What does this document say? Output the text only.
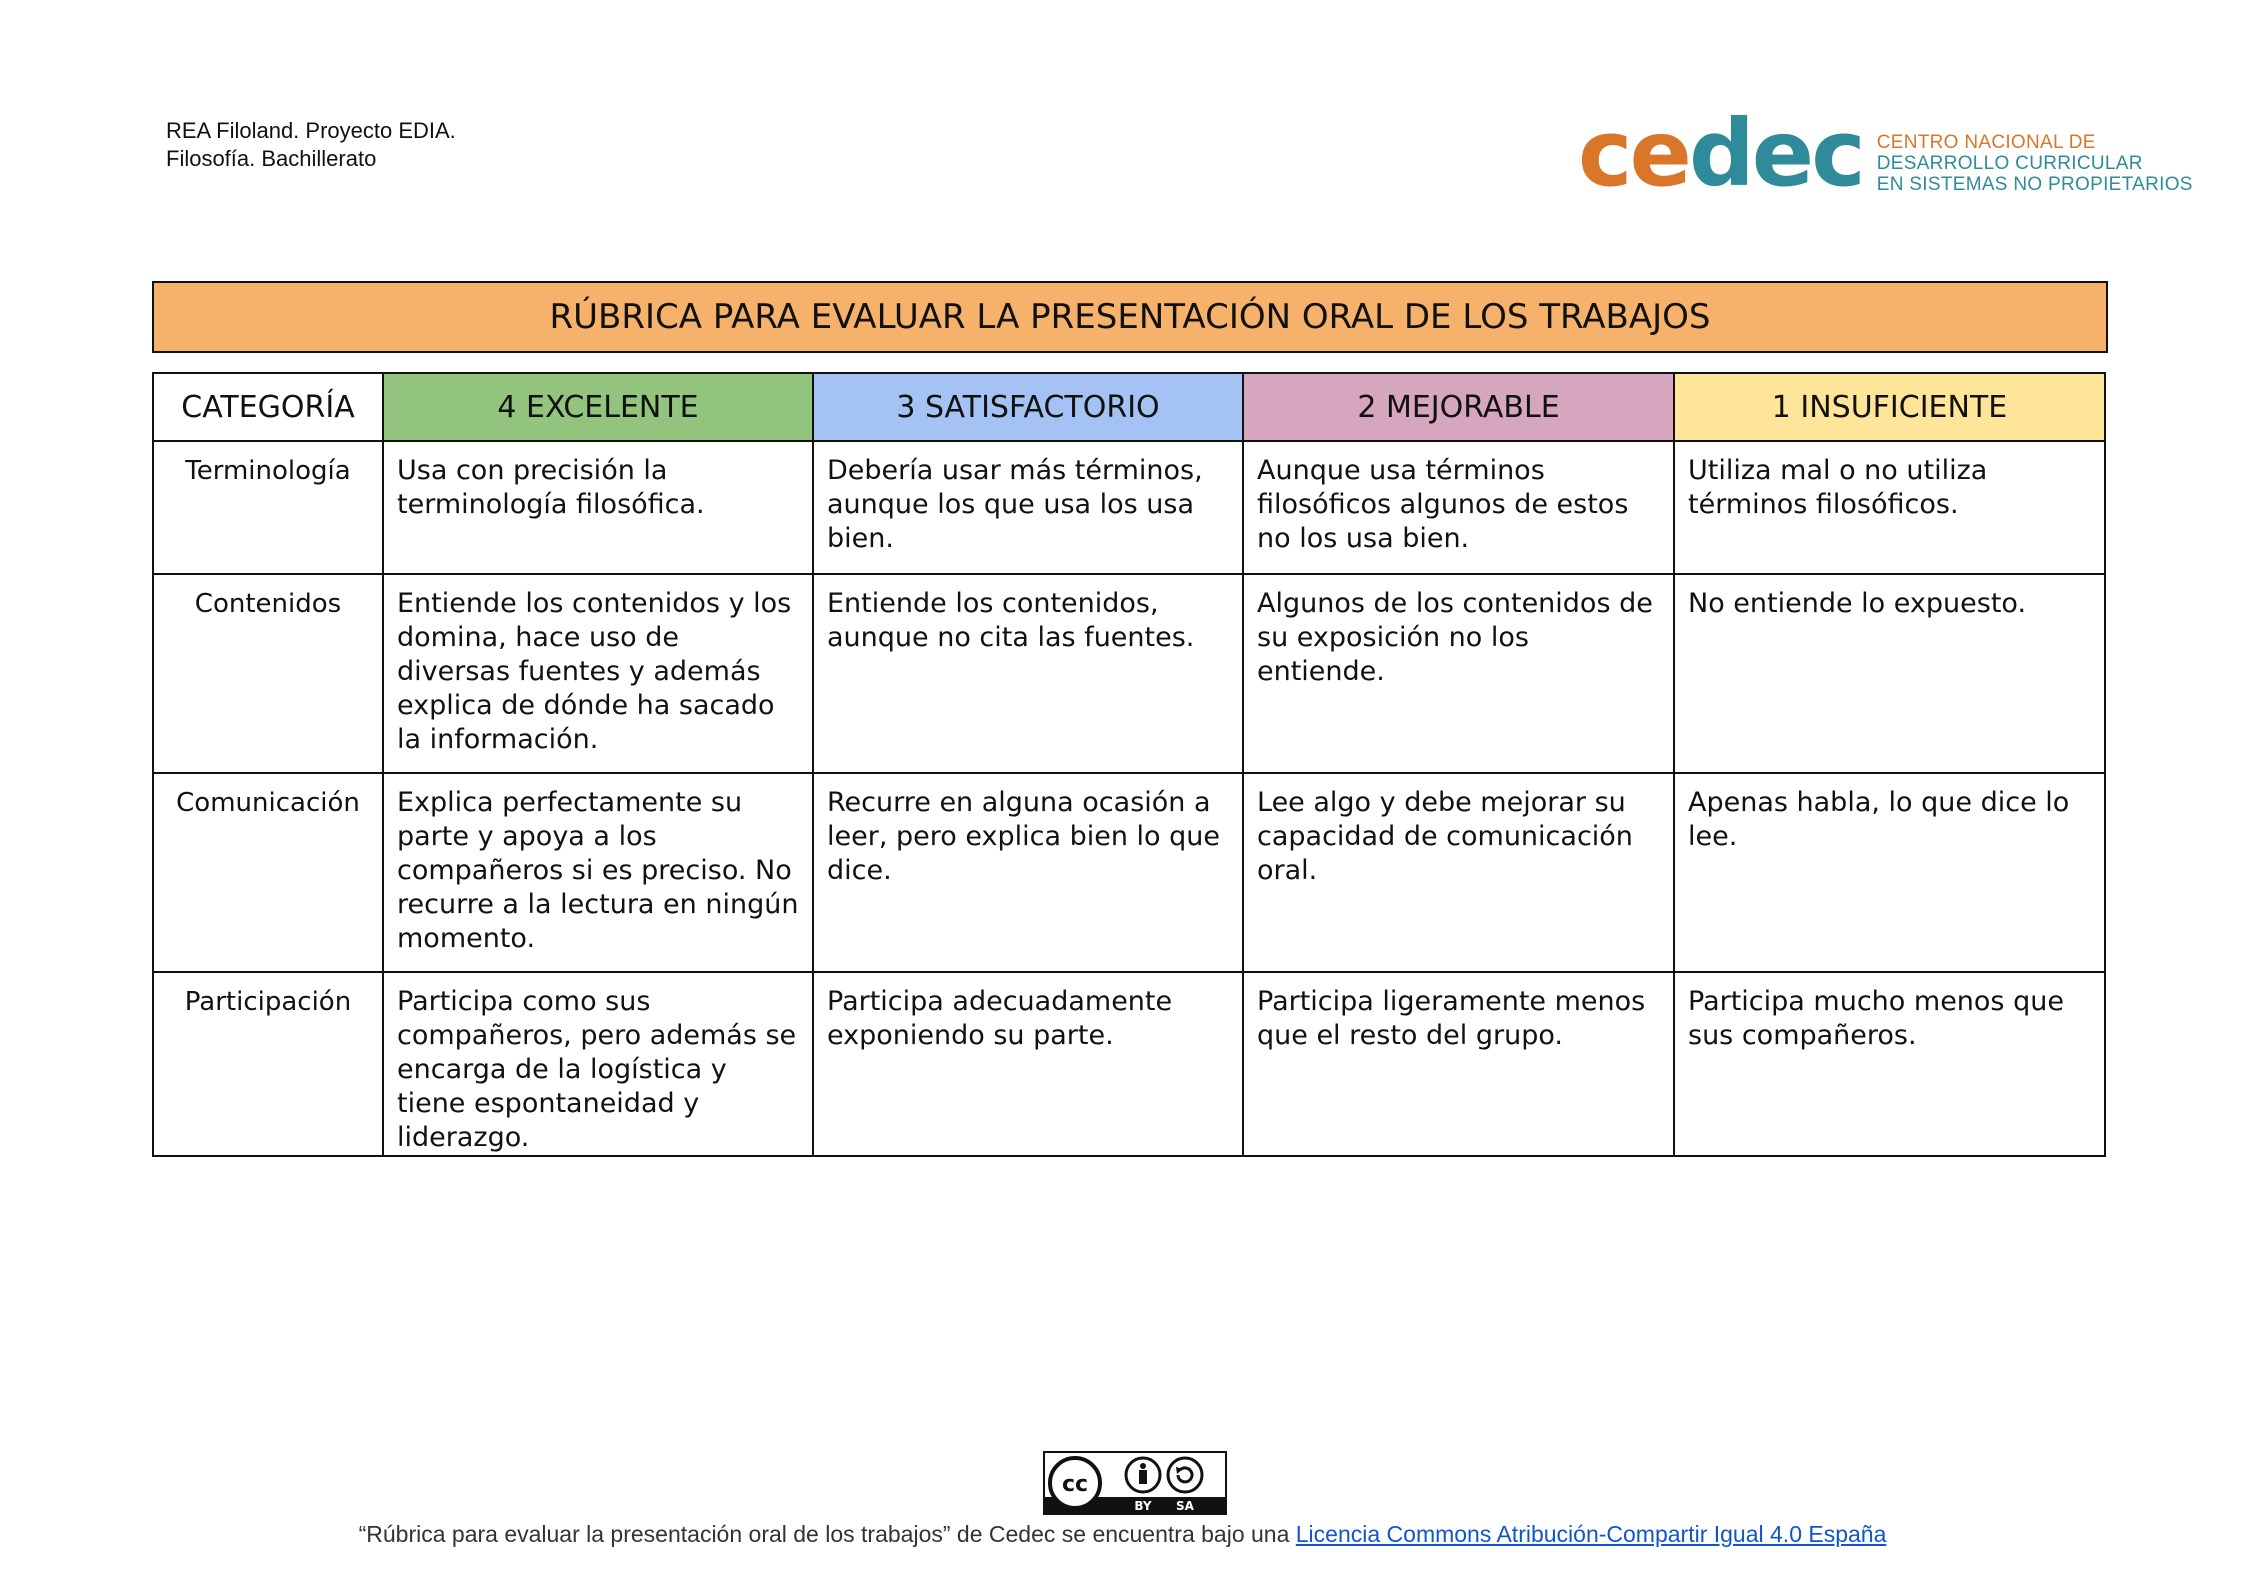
REA Filoland. Proyecto EDIA.
Filosofía. Bachillerato	cedec CENTRO NACIONAL DE
DESARROLLO CURRICULAR
EN SISTEMAS NO PROPIETARIOS
RÚBRICA PARA EVALUAR LA PRESENTACIÓN ORAL DE LOS TRABAJOS
CATEGORÍA	4 EXCELENTE	3 SATISFACTORIO	2 MEJORABLE	1 INSUFICIENTE
Terminología	Usa con precisión la terminología filosófica.	Debería usar más términos, aunque los que usa los usa bien.	Aunque usa términos filosóficos algunos de estos no los usa bien.	Utiliza mal o no utiliza términos filosóficos.
Contenidos	Entiende los contenidos y los domina, hace uso de diversas fuentes y además explica de dónde ha sacado la información.	Entiende los contenidos, aunque no cita las fuentes.	Algunos de los contenidos de su exposición no los entiende.	No entiende lo expuesto.
Comunicación	Explica perfectamente su parte y apoya a los compañeros si es preciso. No recurre a la lectura en ningún momento.	Recurre en alguna ocasión a leer, pero explica bien lo que dice.	Lee algo y debe mejorar su capacidad de comunicación oral.	Apenas habla, lo que dice lo lee.
Participación	Participa como sus compañeros, pero además se encarga de la logística y tiene espontaneidad y liderazgo.	Participa adecuadamente exponiendo su parte.	Participa ligeramente menos que el resto del grupo.	Participa mucho menos que sus compañeros.
cc
BY SA
“Rúbrica para evaluar la presentación oral de los trabajos” de Cedec se encuentra bajo una Licencia Commons Atribución-Compartir Igual 4.0 España
